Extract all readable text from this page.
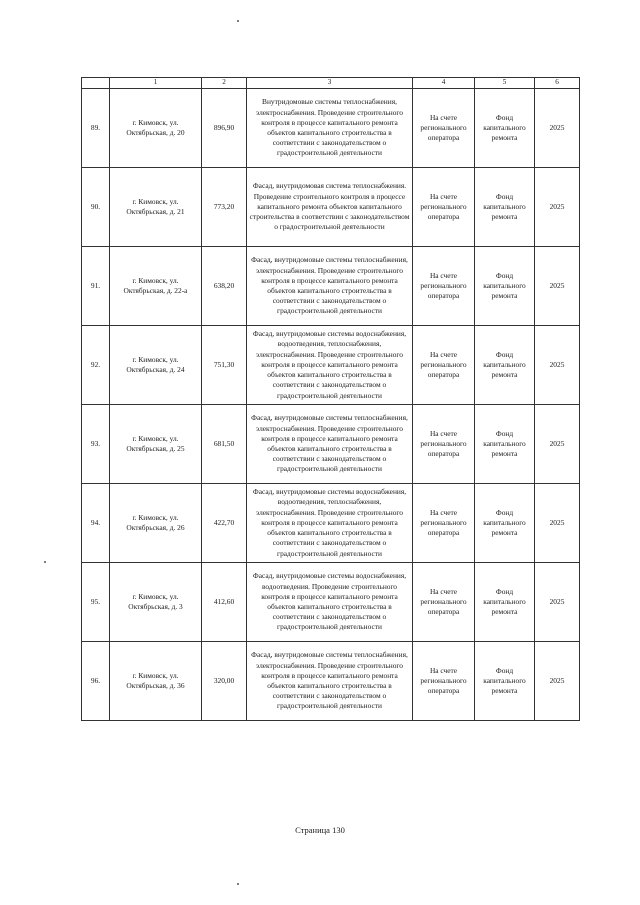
	1	2	3	4	5	6
89.	г. Кимовск, ул. Октябрьская, д. 20	896,90	Внутридомовые системы теплоснабжения, электроснабжения. Проведение строительного контроля в процессе капитального ремонта объектов капитального строительства в соответствии с законодательством о градостроительной деятельности	На счете регионального оператора	Фонд капитального ремонта	2025
90.	г. Кимовск, ул. Октябрьская, д. 21	773,20	Фасад, внутридомовая система теплоснабжения. Проведение строительного контроля в процессе капитального ремонта объектов капитального строительства в соответствии с законодательством о градостроительной деятельности	На счете регионального оператора	Фонд капитального ремонта	2025
91.	г. Кимовск, ул. Октябрьская, д. 22-а	638,20	Фасад, внутридомовые системы теплоснабжения, электроснабжения. Проведение строительного контроля в процессе капитального ремонта объектов капитального строительства в соответствии с законодательством о градостроительной деятельности	На счете регионального оператора	Фонд капитального ремонта	2025
92.	г. Кимовск, ул. Октябрьская, д. 24	751,30	Фасад, внутридомовые системы водоснабжения, водоотведения, теплоснабжения, электроснабжения. Проведение строительного контроля в процессе капитального ремонта объектов капитального строительства в соответствии с законодательством о градостроительной деятельности	На счете регионального оператора	Фонд капитального ремонта	2025
93.	г. Кимовск, ул. Октябрьская, д. 25	681,50	Фасад, внутридомовые системы теплоснабжения, электроснабжения. Проведение строительного контроля в процессе капитального ремонта объектов капитального строительства в соответствии с законодательством о градостроительной деятельности	На счете регионального оператора	Фонд капитального ремонта	2025
94.	г. Кимовск, ул. Октябрьская, д. 26	422,70	Фасад, внутридомовые системы водоснабжения, водоотведения, теплоснабжения, электроснабжения. Проведение строительного контроля в процессе капитального ремонта объектов капитального строительства в соответствии с законодательством о градостроительной деятельности	На счете регионального оператора	Фонд капитального ремонта	2025
95.	г. Кимовск, ул. Октябрьская, д. 3	412,60	Фасад, внутридомовые системы водоснабжения, водоотведения. Проведение строительного контроля в процессе капитального ремонта объектов капитального строительства в соответствии с законодательством о градостроительной деятельности	На счете регионального оператора	Фонд капитального ремонта	2025
96.	г. Кимовск, ул. Октябрьская, д. 36	320,00	Фасад, внутридомовые системы теплоснабжения, электроснабжения. Проведение строительного контроля в процессе капитального ремонта объектов капитального строительства в соответствии с законодательством о градостроительной деятельности	На счете регионального оператора	Фонд капитального ремонта	2025
Страница 130
